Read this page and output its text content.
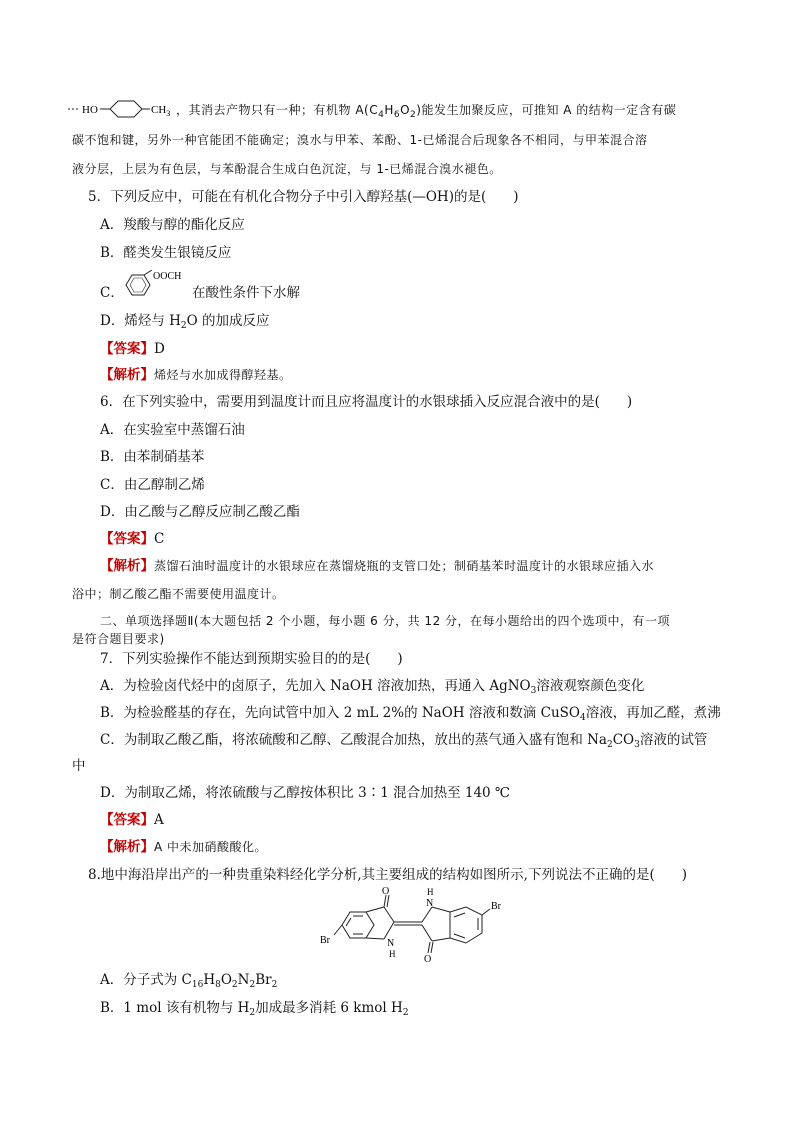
HO	$CH_3$ ，其消去产物只有一种；有机物 $A(C_4H_6O_2)$能发生加聚反应，可推知 A 的结构一定含有碳
碳不饱和键，另外一种官能团不能确定；溴水与甲苯、苯酚、1-已烯混合后现象各不相同，与甲苯混合溶
液分层，上层为有色层，与苯酚混合生成白色沉淀，与 1-已烯混合溴水褪色。
5．下列反应中，可能在有机化合物分子中引入醇羟基(—OH)的是(　　)
A．羧酸与醇的酯化反应
B．醛类发生银镜反应
C．
OOCH
在酸性条件下水解
D．烯烃与 $H_2O$ 的加成反应
【答案】D
【解析】烯烃与水加成得醇羟基。
6．在下列实验中，需要用到温度计而且应将温度计的水银球插入反应混合液中的是(　　)
A．在实验室中蒸馏石油
B．由苯制硝基苯
C．由乙醇制乙烯
D．由乙酸与乙醇反应制乙酸乙酯
【答案】C
【解析】蒸馏石油时温度计的水银球应在蒸馏烧瓶的支管口处；制硝基苯时温度计的水银球应插入水
浴中；制乙酸乙酯不需要使用温度计。
二、单项选择题Ⅱ(本大题包括 2 个小题，每小题 6 分，共 12 分，在每小题给出的四个选项中，有一项
是符合题目要求)
7．下列实验操作不能达到预期实验目的的是(　　)
A．为检验卤代烃中的卤原子，先加入 NaOH 溶液加热，再通入 AgNO$_3$溶液观察颜色变化
B．为检验醛基的存在，先向试管中加入 2 mL 2%的 NaOH 溶液和数滴 CuSO$_4$溶液，再加乙醛，煮沸
C．为制取乙酸乙酯，将浓硫酸和乙醇、乙酸混合加热，放出的蒸气通入盛有饱和 $Na_2CO_3$溶液的试管
中
D．为制取乙烯，将浓硫酸与乙醇按体积比 3∶1 混合加热至 140 ℃
【答案】A
【解析】A 中未加硝酸酸化。
8.地中海沿岸出产的一种贵重染料经化学分析,其主要组成的结构如图所示,下列说法不正确的是(　　)
O
O
H
N
N
H
Br
Br
A．分子式为 $C_{16}H_8O_2N_2Br_2$
B．1 mol 该有机物与 $H_2$加成最多消耗 6 kmol $H_2$
